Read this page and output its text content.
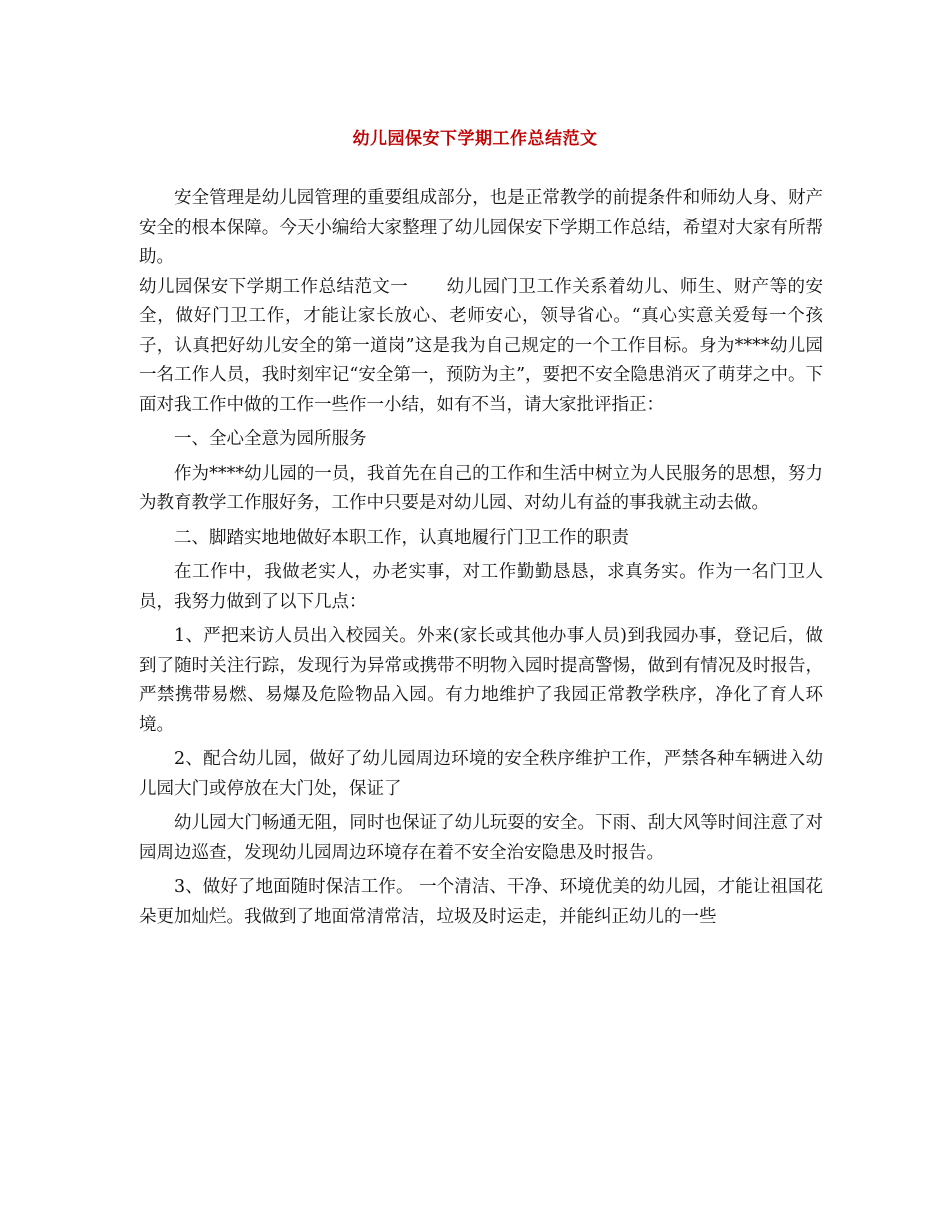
幼儿园保安下学期工作总结范文

安全管理是幼儿园管理的重要组成部分，也是正常教学的前提条件和师幼人身、财产安全的根本保障。今天小编给大家整理了幼儿园保安下学期工作总结，希望对大家有所帮助。

幼儿园保安下学期工作总结范文一 幼儿园门卫工作关系着幼儿、师生、财产等的安全，做好门卫工作，才能让家长放心、老师安心，领导省心。“真心实意关爱每一个孩子，认真把好幼儿安全的第一道岗”这是我为自己规定的一个工作目标。身为****幼儿园一名工作人员，我时刻牢记“安全第一，预防为主”，要把不安全隐患消灭了萌芽之中。下面对我工作中做的工作一些作一小结，如有不当，请大家批评指正：

一、全心全意为园所服务

作为****幼儿园的一员，我首先在自己的工作和生活中树立为人民服务的思想，努力为教育教学工作服好务，工作中只要是对幼儿园、对幼儿有益的事我就主动去做。

二、脚踏实地地做好本职工作，认真地履行门卫工作的职责

在工作中，我做老实人，办老实事，对工作勤勤恳恳，求真务实。作为一名门卫人员，我努力做到了以下几点：

1、严把来访人员出入校园关。外来(家长或其他办事人员)到我园办事，登记后，做到了随时关注行踪，发现行为异常或携带不明物入园时提高警惕，做到有情况及时报告，严禁携带易燃、易爆及危险物品入园。有力地维护了我园正常教学秩序，净化了育人环境。

2、配合幼儿园，做好了幼儿园周边环境的安全秩序维护工作，严禁各种车辆进入幼儿园大门或停放在大门处，保证了

幼儿园大门畅通无阻，同时也保证了幼儿玩耍的安全。下雨、刮大风等时间注意了对园周边巡查，发现幼儿园周边环境存在着不安全治安隐患及时报告。

3、做好了地面随时保洁工作。 一个清洁、干净、环境优美的幼儿园，才能让祖国花朵更加灿烂。我做到了地面常清常洁，垃圾及时运走，并能纠正幼儿的一些
